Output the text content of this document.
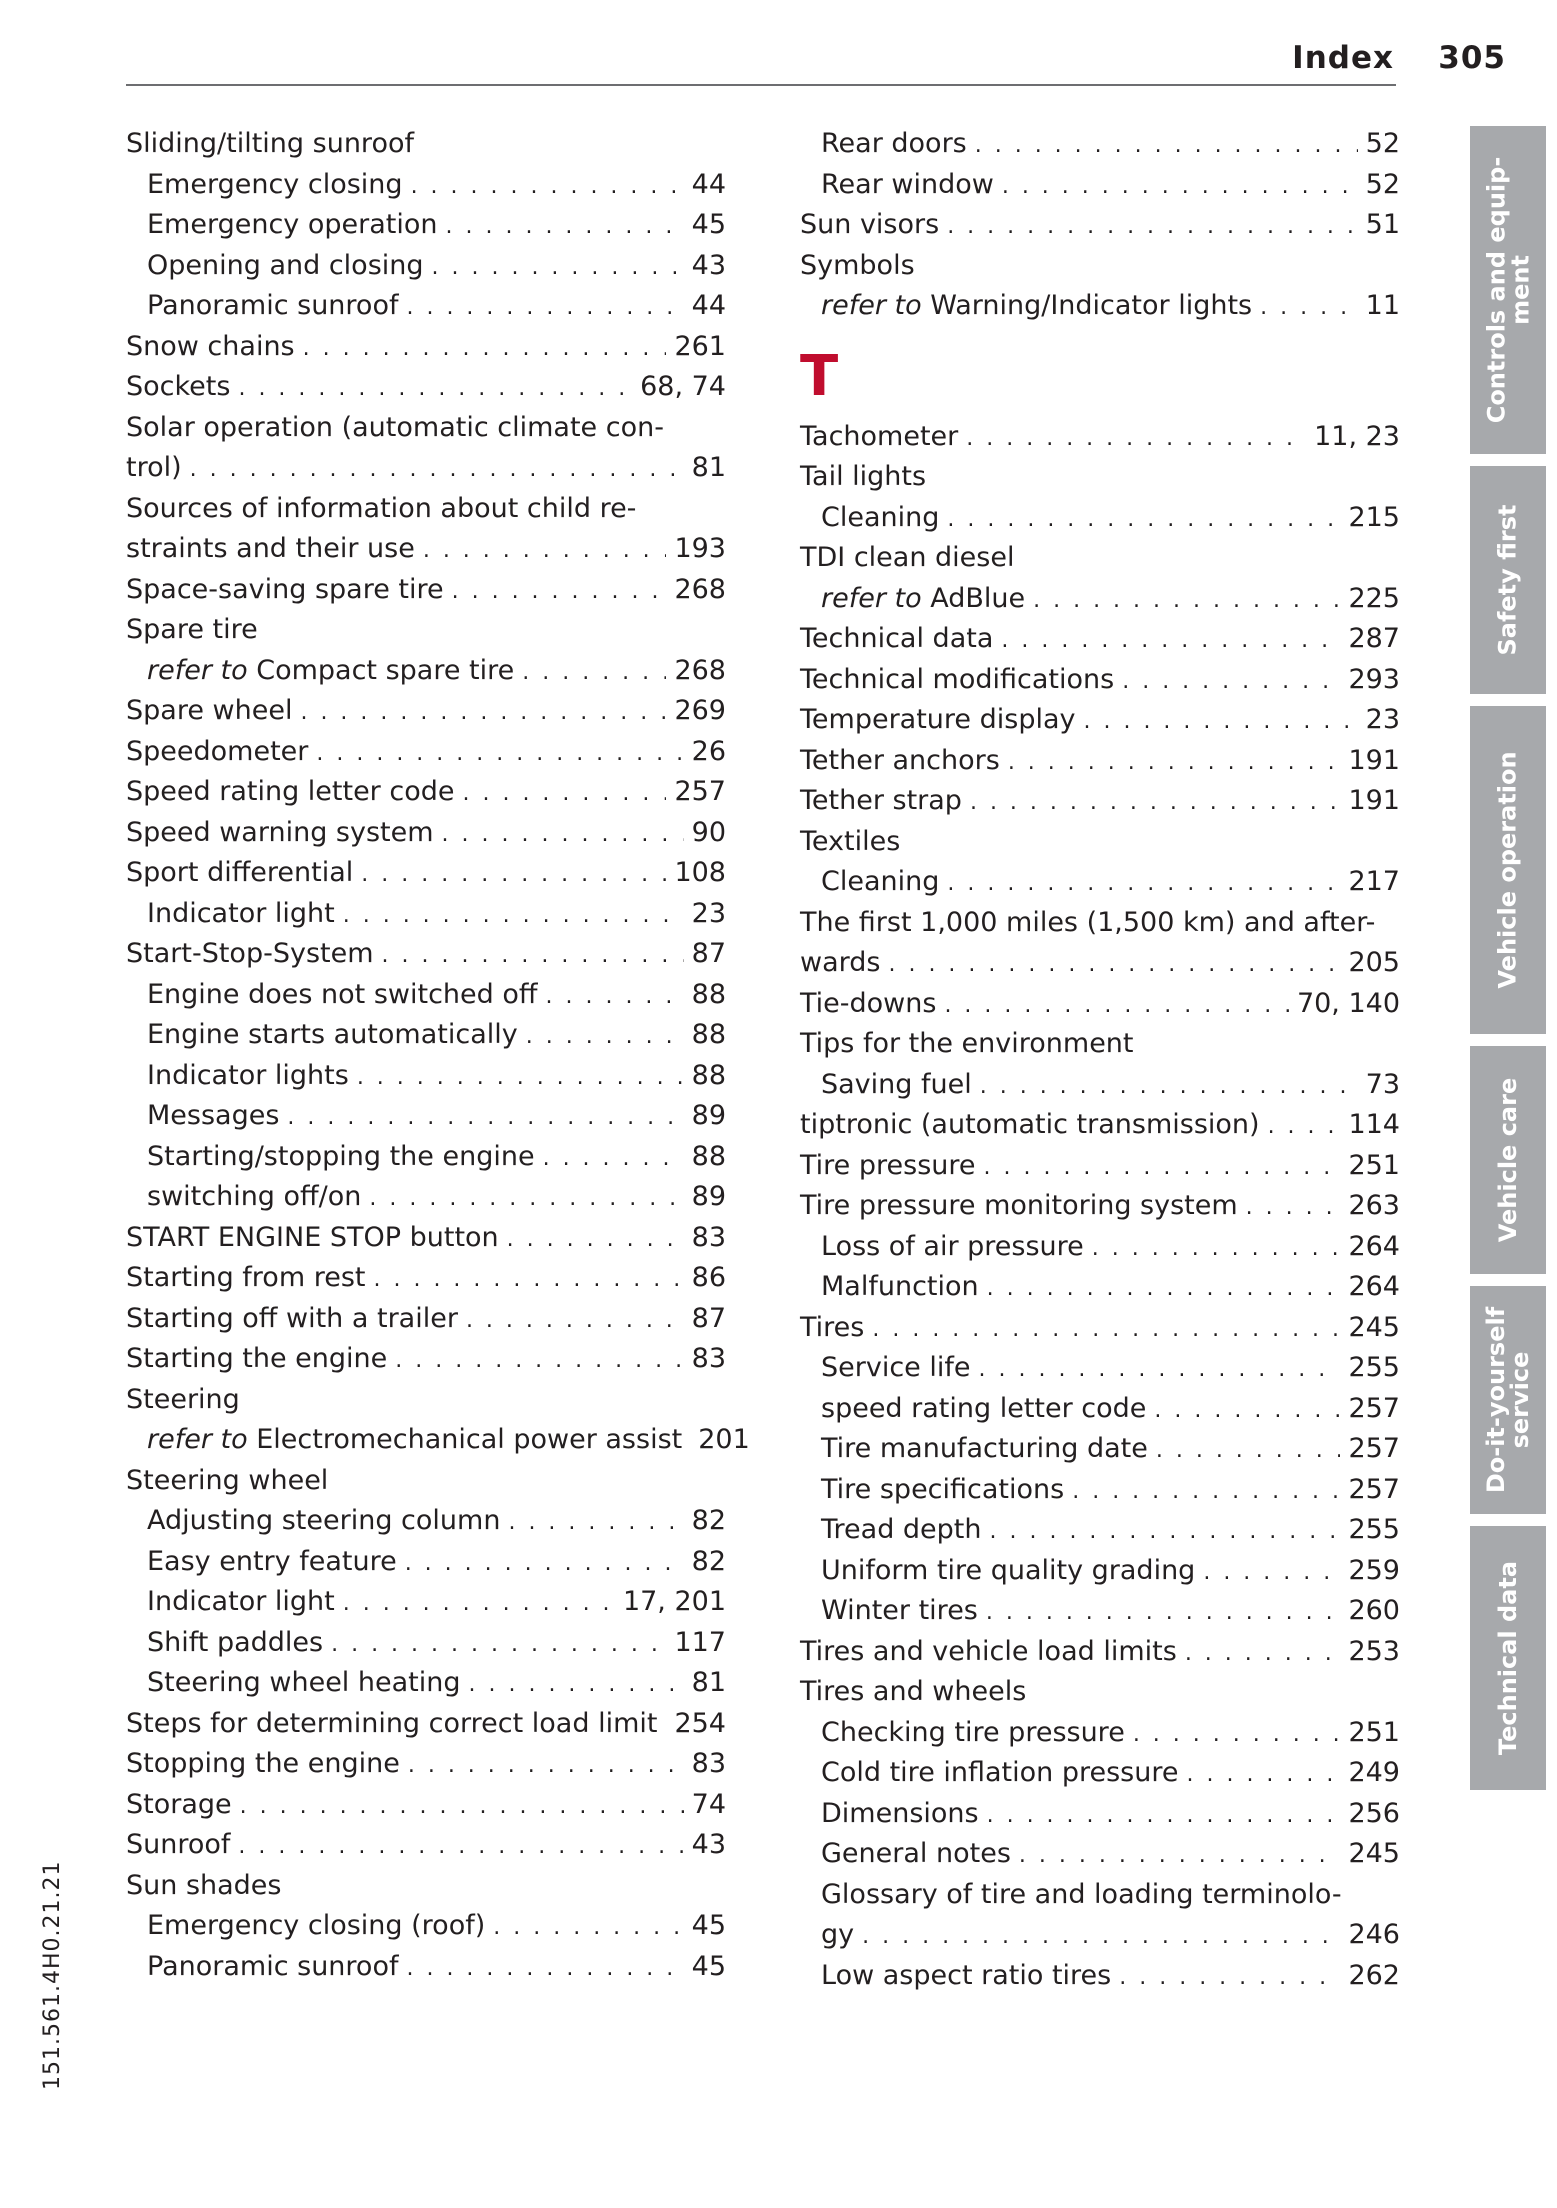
Index 305
Sliding/tilting sunroof
Emergency closing . . .	44
Emergency operation . . .	45
Opening and closing . . .	43
Panoramic sunroof . . .	44
Snow chains . . .	261
Sockets . . .	68, 74
Solar operation (automatic climate con-
trol) . . .	81
Sources of information about child re-
straints and their use . . .	193
Space-saving spare tire . . .	268
Spare tire
refer to Compact spare tire . . .	268
Spare wheel . . .	269
Speedometer . . .	26
Speed rating letter code . . .	257
Speed warning system . . .	90
Sport differential . . .	108
Indicator light . . .	23
Start-Stop-System . . .	87
Engine does not switched off . . .	88
Engine starts automatically . . .	88
Indicator lights . . .	88
Messages . . .	89
Starting/stopping the engine . . .	88
switching off/on . . .	89
START ENGINE STOP button . . .	83
Starting from rest . . .	86
Starting off with a trailer . . .	87
Starting the engine . . .	83
Steering
refer to Electromechanical power assist 201
Steering wheel
Adjusting steering column . . .	82
Easy entry feature . . .	82
Indicator light . . .	17, 201
Shift paddles . . .	117
Steering wheel heating . . .	81
Steps for determining correct load limit . . . 254
Stopping the engine . . .	83
Storage . . .	74
Sunroof . . .	43
Sun shades
Emergency closing (roof) . . .	45
Panoramic sunroof . . .	45
Rear doors . . .	52
Rear window . . .	52
Sun visors . . .	51
Symbols
refer to Warning/Indicator lights . . .	11
T
Tachometer . . .	11, 23
Tail lights
Cleaning . . .	215
TDI clean diesel
refer to AdBlue . . .	225
Technical data . . .	287
Technical modifications . . .	293
Temperature display . . .	23
Tether anchors . . .	191
Tether strap . . .	191
Textiles
Cleaning . . .	217
The first 1,000 miles (1,500 km) and after-
wards . . .	205
Tie-downs . . .	70, 140
Tips for the environment
Saving fuel . . .	73
tiptronic (automatic transmission) . . .	114
Tire pressure . . .	251
Tire pressure monitoring system . . .	263
Loss of air pressure . . .	264
Malfunction . . .	264
Tires . . .	245
Service life . . .	255
speed rating letter code . . .	257
Tire manufacturing date . . .	257
Tire specifications . . .	257
Tread depth . . .	255
Uniform tire quality grading . . .	259
Winter tires . . .	260
Tires and vehicle load limits . . .	253
Tires and wheels
Checking tire pressure . . .	251
Cold tire inflation pressure . . .	249
Dimensions . . .	256
General notes . . .	245
Glossary of tire and loading terminolo-
gy . . .	246
Low aspect ratio tires . . .	262
Controls and equip-
ment
Safety first
Vehicle operation
Vehicle care
Do-it-yourself
service
Technical data
151.561.4H0.21.21
